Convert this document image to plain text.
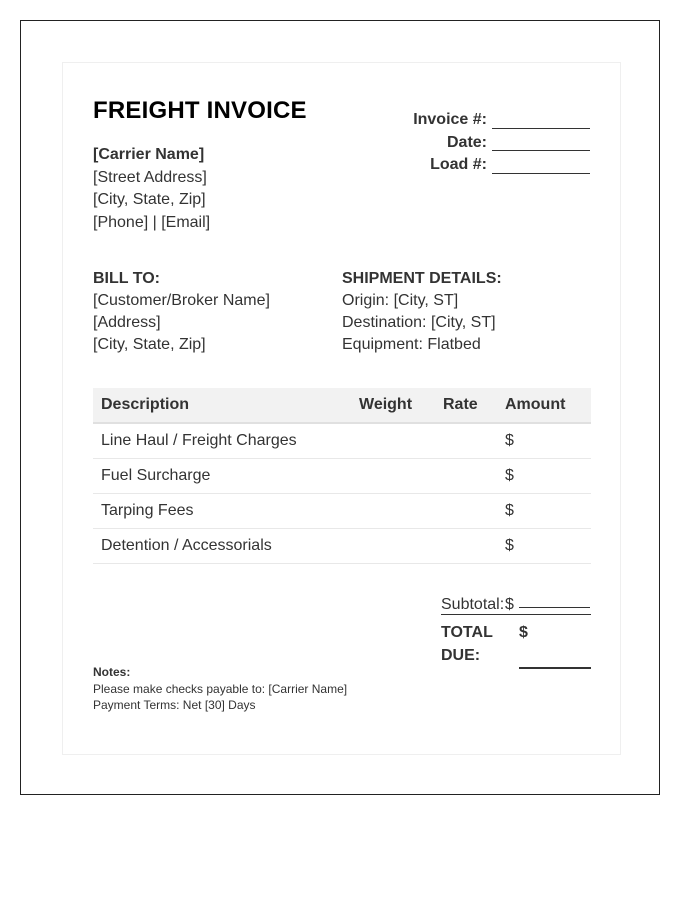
FREIGHT INVOICE
[Carrier Name]
[Street Address]
[City, State, Zip]
[Phone] | [Email]
Invoice #:
Date:
Load #:
BILL TO:
[Customer/Broker Name]
[Address]
[City, State, Zip]
SHIPMENT DETAILS:
Origin: [City, ST]
Destination: [City, ST]
Equipment: Flatbed
Description	Weight	Rate	Amount
Line Haul / Freight Charges			$
Fuel Surcharge			$
Tarping Fees			$
Detention / Accessorials			$
Subtotal: $
TOTAL
DUE:
$
Notes:
Please make checks payable to: [Carrier Name]
Payment Terms: Net [30] Days
